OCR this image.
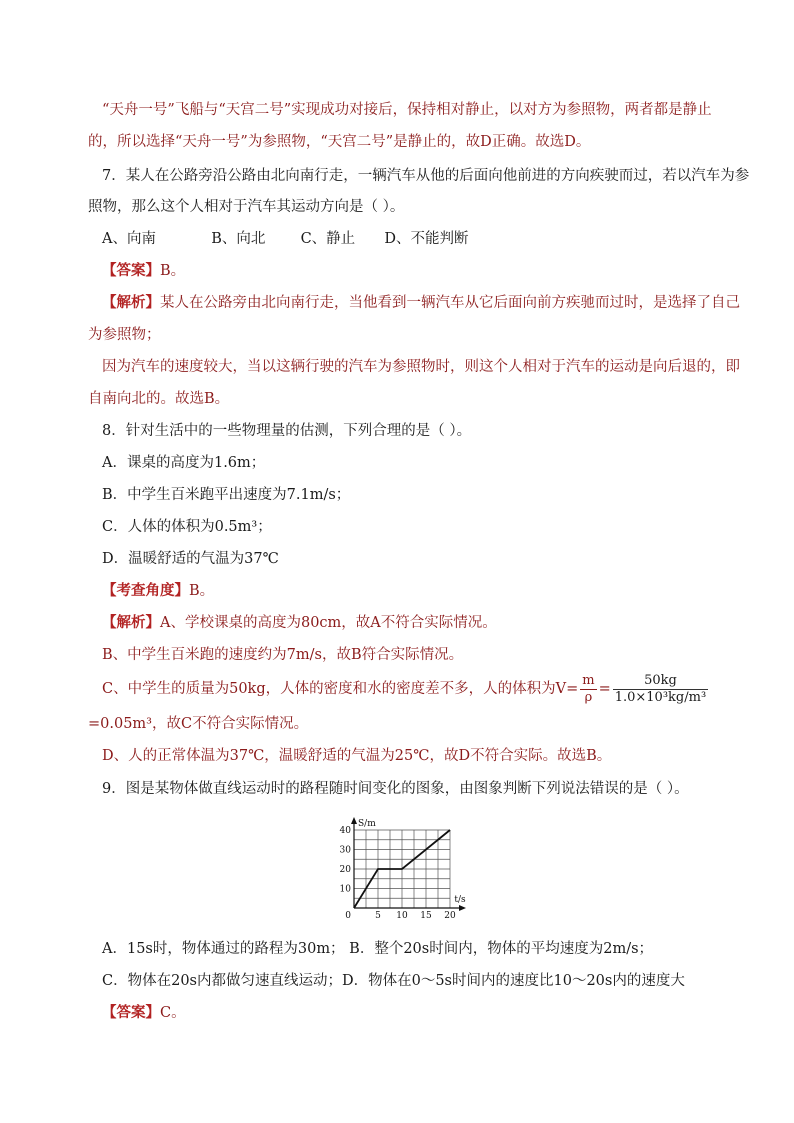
“天舟一号”飞船与“天宫二号”实现成功对接后，保持相对静止，以对方为参照物，两者都是静止
的，所以选择“天舟一号”为参照物，“天宫二号”是静止的，故D正确。故选D。
7．某人在公路旁沿公路由北向南行走，一辆汽车从他的后面向他前进的方向疾驶而过，若以汽车为参
照物，那么这个人相对于汽车其运动方向是（ ）。
A、向南	B、向北 C、静止 D、不能判断
【答案】B。
【解析】某人在公路旁由北向南行走，当他看到一辆汽车从它后面向前方疾驰而过时，是选择了自己
为参照物；
因为汽车的速度较大，当以这辆行驶的汽车为参照物时，则这个人相对于汽车的运动是向后退的，即
自南向北的。故选B。
8．针对生活中的一些物理量的估测，下列合理的是（ ）。
A．课桌的高度为1.6m；
B．中学生百米跑平出速度为7.1m/s；
C．人体的体积为0.5m³；
D．温暖舒适的气温为37℃
【考查角度】B。
【解析】A、学校课桌的高度为80cm，故A不符合实际情况。
B、中学生百米跑的速度约为7m/s，故B符合实际情况。
C、中学生的质量为50kg，人体的密度和水的密度差不多，人的体积为$V= \frac{m}{\rho} = \frac{50kg}{\text{1.0×10³kg/m³}}$
=0.05m³，故C不符合实际情况。
D、人的正常体温为37℃，温暖舒适的气温为25℃，故D不符合实际。故选B。
9．图是某物体做直线运动时的路程随时间变化的图象，由图象判断下列说法错误的是（ ）。
S/m
t/s
0	5 10 15 20
10
20
30
40
A．15s时，物体通过的路程为30m； B．整个20s时间内，物体的平均速度为2m/s；
C．物体在20s内都做匀速直线运动；D．物体在0～5s时间内的速度比10～20s内的速度大
【答案】C。
